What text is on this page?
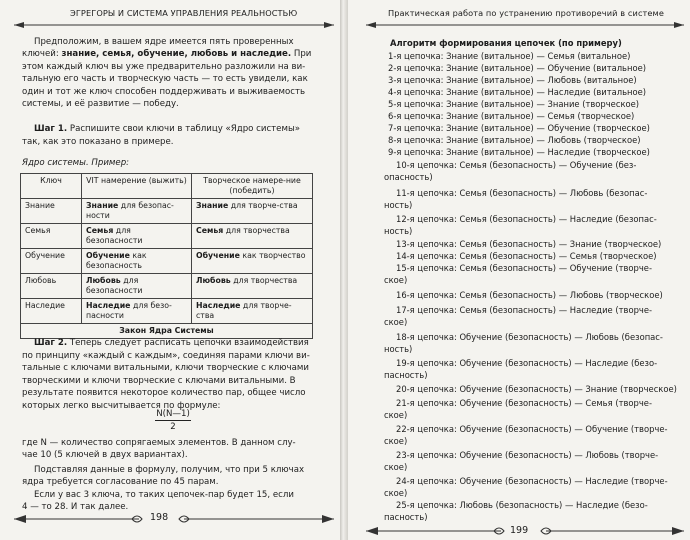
ЭГРЕГОРЫ И СИСТЕМА УПРАВЛЕНИЯ РЕАЛЬНОСТЬЮ
Предположим, в вашем ядре имеется пять проверенных
ключей: знание, семья, обучение, любовь и наследие. При
этом каждый ключ вы уже предварительно разложили на ви-
тальную его часть и творческую часть — то есть увидели, как
один и тот же ключ способен поддерживать и выживаемость
системы, и её развитие — победу.
Шаг 1. Распишите свои ключи в таблицу «Ядро системы»
так, как это показано в примере.
Ядро системы. Пример:
Ключ	VIT намерение (выжить)	Творческое намере-ние (победить)
Знание	Знание для безопас-ности	Знание для творче-ства
Семья	Семья для безопасности	Семья для творчества
Обучение	Обучение как безопасность	Обучение как творчество
Любовь	Любовь для безопасности	Любовь для творчества
Наследие	Наследие для безо-пасности	Наследие для творче-ства
Закон Ядра Системы		
Шаг 2. Теперь следует расписать цепочки взаимодействия
по принципу «каждый с каждым», соединяя парами ключи ви-
тальные с ключами витальными, ключи творческие с ключами
творческими и ключи творческие с ключами витальными. В
результате появится некоторое количество пар, общее число
которых легко высчитывается по формуле:
$\frac{N(N—1)}{2}$
где N — количество сопрягаемых элементов. В данном слу-
чае 10 (5 ключей в двух вариантах).
Подставляя данные в формулу, получим, что при 5 ключах
ядра требуется согласование по 45 парам.
Если у вас 3 ключа, то таких цепочек-пар будет 15, если
4 — то 28. И так далее.
198
Практическая работа по устранению противоречий в системе
Алгоритм формирования цепочек (по примеру)
1-я цепочка: Знание (витальное) — Семья (витальное)
2-я цепочка: Знание (витальное) — Обучение (витальное)
3-я цепочка: Знание (витальное) — Любовь (витальное)
4-я цепочка: Знание (витальное) — Наследие (витальное)
5-я цепочка: Знание (витальное) — Знание (творческое)
6-я цепочка: Знание (витальное) — Семья (творческое)
7-я цепочка: Знание (витальное) — Обучение (творческое)
8-я цепочка: Знание (витальное) — Любовь (творческое)
9-я цепочка: Знание (витальное) — Наследие (творческое)
10-я цепочка: Семья (безопасность) — Обучение (без-
опасность)
11-я цепочка: Семья (безопасность) — Любовь (безопас-
ность)
12-я цепочка: Семья (безопасность) — Наследие (безопас-
ность)
13-я цепочка: Семья (безопасность) — Знание (творческое)
14-я цепочка: Семья (безопасность) — Семья (творческое)
15-я цепочка: Семья (безопасность) — Обучение (творче-
ское)
16-я цепочка: Семья (безопасность) — Любовь (творческое)
17-я цепочка: Семья (безопасность) — Наследие (творче-
ское)
18-я цепочка: Обучение (безопасность) — Любовь (безопас-
ность)
19-я цепочка: Обучение (безопасность) — Наследие (безо-
пасность)
20-я цепочка: Обучение (безопасность) — Знание (творческое)
21-я цепочка: Обучение (безопасность) — Семья (творче-
ское)
22-я цепочка: Обучение (безопасность) — Обучение (творче-
ское)
23-я цепочка: Обучение (безопасность) — Любовь (творче-
ское)
24-я цепочка: Обучение (безопасность) — Наследие (творче-
ское)
25-я цепочка: Любовь (безопасность) — Наследие (безо-
пасность)
199
